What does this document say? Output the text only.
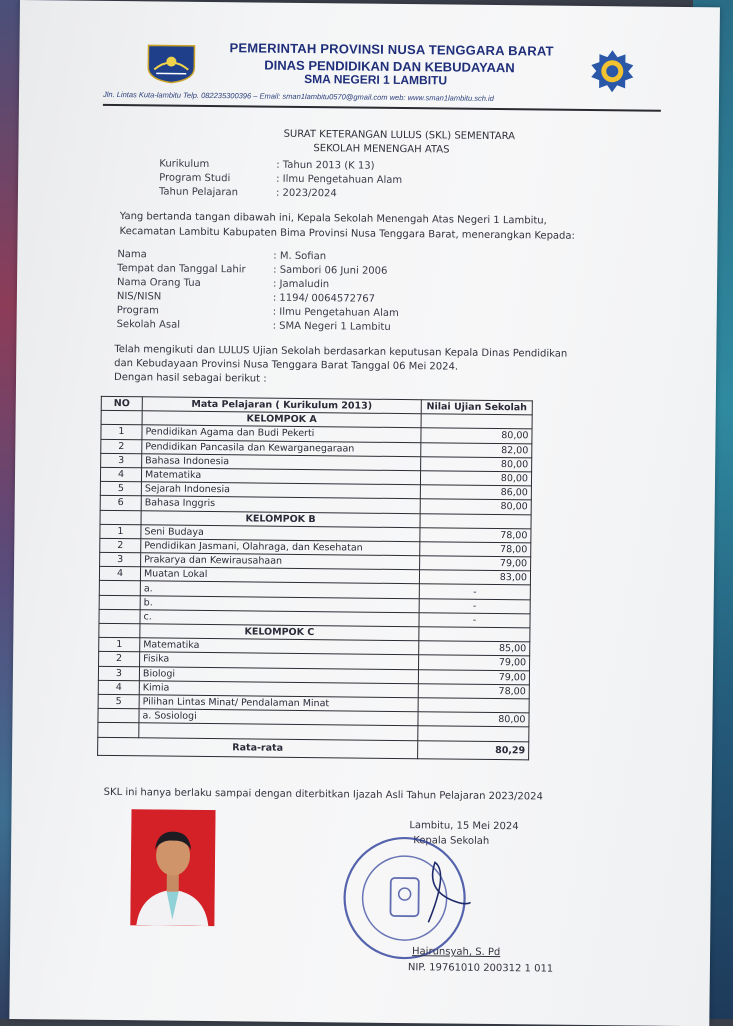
PEMERINTAH PROVINSI NUSA TENGGARA BARAT
DINAS PENDIDIKAN DAN KEBUDAYAAN
SMA NEGERI 1 LAMBITU
Jln. Lintas Kuta-lambitu Telp. 082235300396 – Email: sman1lambitu0570@gmail.com web: www.sman1lambitu.sch.id
SURAT KETERANGAN LULUS (SKL) SEMENTARA
SEKOLAH MENENGAH ATAS
Kurikulum	: Tahun 2013 (K 13)
Program Studi	: Ilmu Pengetahuan Alam
Tahun Pelajaran	: 2023/2024
Yang bertanda tangan dibawah ini, Kepala Sekolah Menengah Atas Negeri 1 Lambitu,
Kecamatan Lambitu Kabupaten Bima Provinsi Nusa Tenggara Barat, menerangkan Kepada:
Nama	: M. Sofian
Tempat dan Tanggal Lahir	: Sambori 06 Juni 2006
Nama Orang Tua	: Jamaludin
NIS/NISN	: 1194/ 0064572767
Program	: Ilmu Pengetahuan Alam
Sekolah Asal	: SMA Negeri 1 Lambitu
Telah mengikuti dan LULUS Ujian Sekolah berdasarkan keputusan Kepala Dinas Pendidikan
dan Kebudayaan Provinsi Nusa Tenggara Barat Tanggal 06 Mei 2024.
Dengan hasil sebagai berikut :
NO	Mata Pelajaran ( Kurikulum 2013)	Nilai Ujian Sekolah
	KELOMPOK A	
1	Pendidikan Agama dan Budi Pekerti	80,00
2	Pendidikan Pancasila dan Kewarganegaraan	82,00
3	Bahasa Indonesia	80,00
4	Matematika	80,00
5	Sejarah Indonesia	86,00
6	Bahasa Inggris	80,00
	KELOMPOK B	
1	Seni Budaya	78,00
2	Pendidikan Jasmani, Olahraga, dan Kesehatan	78,00
3	Prakarya dan Kewirausahaan	79,00
4	Muatan Lokal	83,00
	a.	-
	b.	-
	c.	-
	KELOMPOK C	
1	Matematika	85,00
2	Fisika	79,00
3	Biologi	79,00
4	Kimia	78,00
5	Pilihan Lintas Minat/ Pendalaman Minat	
	a. Sosiologi	80,00

Rata-rata		80,29
SKL ini hanya berlaku sampai dengan diterbitkan Ijazah Asli Tahun Pelajaran 2023/2024
Lambitu, 15 Mei 2024
Kepala Sekolah
Hairunsyah, S. Pd
NIP. 19761010 200312 1 011
